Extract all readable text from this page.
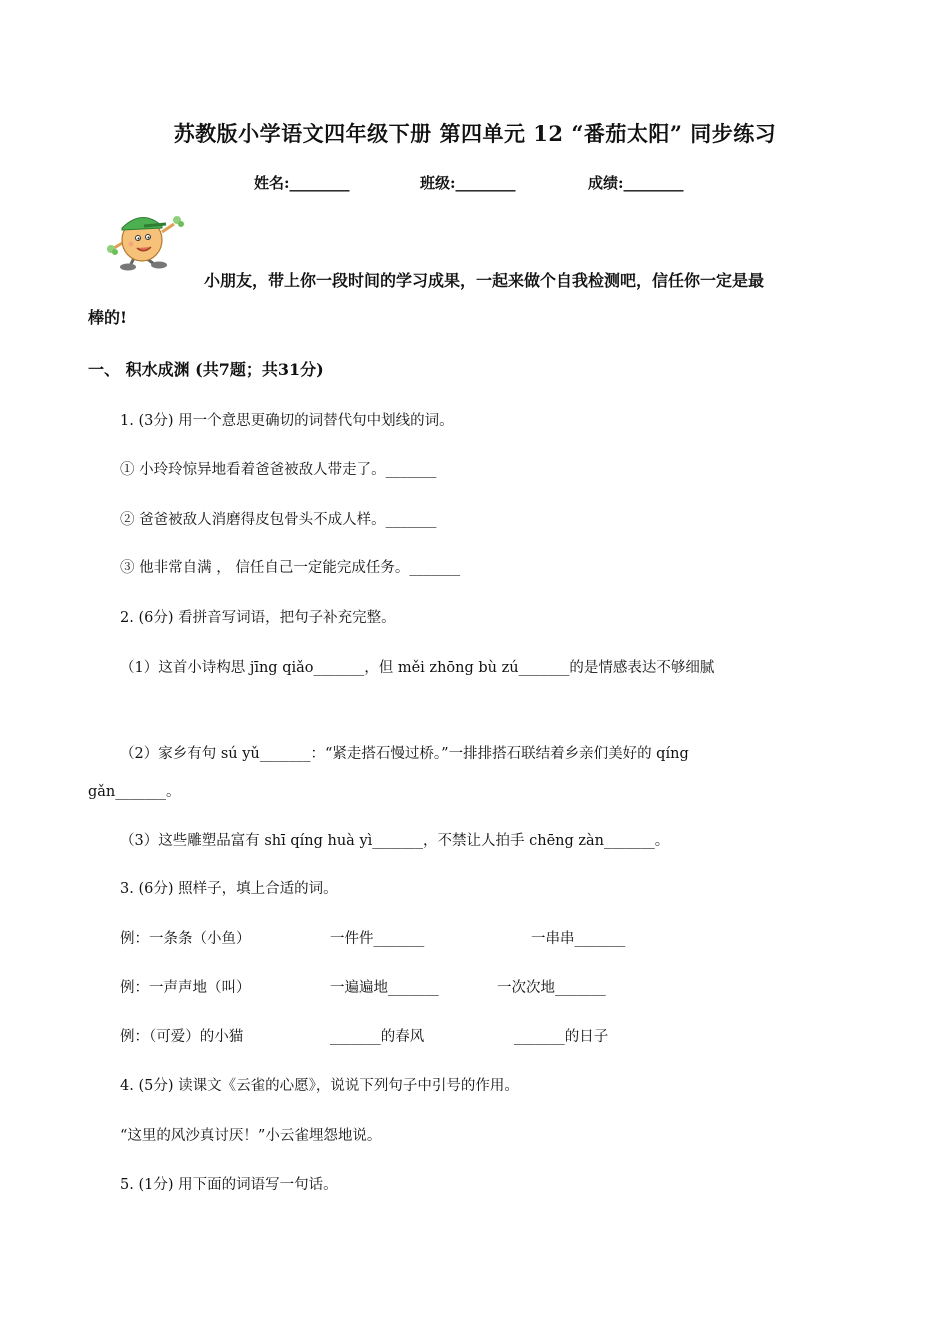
苏教版小学语文四年级下册 第四单元 12 “番茄太阳” 同步练习
姓名:________	班级:________	成绩:________
小朋友，带上你一段时间的学习成果，一起来做个自我检测吧，信任你一定是最
棒的!
一、 积水成渊 (共7题；共31分)
1. (3分) 用一个意思更确切的词替代句中划线的词。
① 小玲玲惊异地看着爸爸被敌人带走了。_______
② 爸爸被敌人消磨得皮包骨头不成人样。_______
③ 他非常自满 ， 信任自己一定能完成任务。_______
2. (6分) 看拼音写词语，把句子补充完整。
（1）这首小诗构思 jīng qiǎo_______，但 měi zhōng bù zú_______的是情感表达不够细腻
（2）家乡有句 sú yǔ_______：“紧走搭石慢过桥。”一排排搭石联结着乡亲们美好的 qíng
gǎn_______。
（3）这些雕塑品富有 shī qíng huà yì_______，不禁让人拍手 chēng zàn_______。
3. (6分) 照样子，填上合适的词。
例：一条条（小鱼）	一件件_______	一串串_______
例：一声声地（叫）	一遍遍地_______	一次次地_______
例：（可爱）的小猫	_______的春风	_______的日子
4. (5分) 读课文《云雀的心愿》，说说下列句子中引号的作用。
“这里的风沙真讨厌！”小云雀埋怨地说。
5. (1分) 用下面的词语写一句话。
